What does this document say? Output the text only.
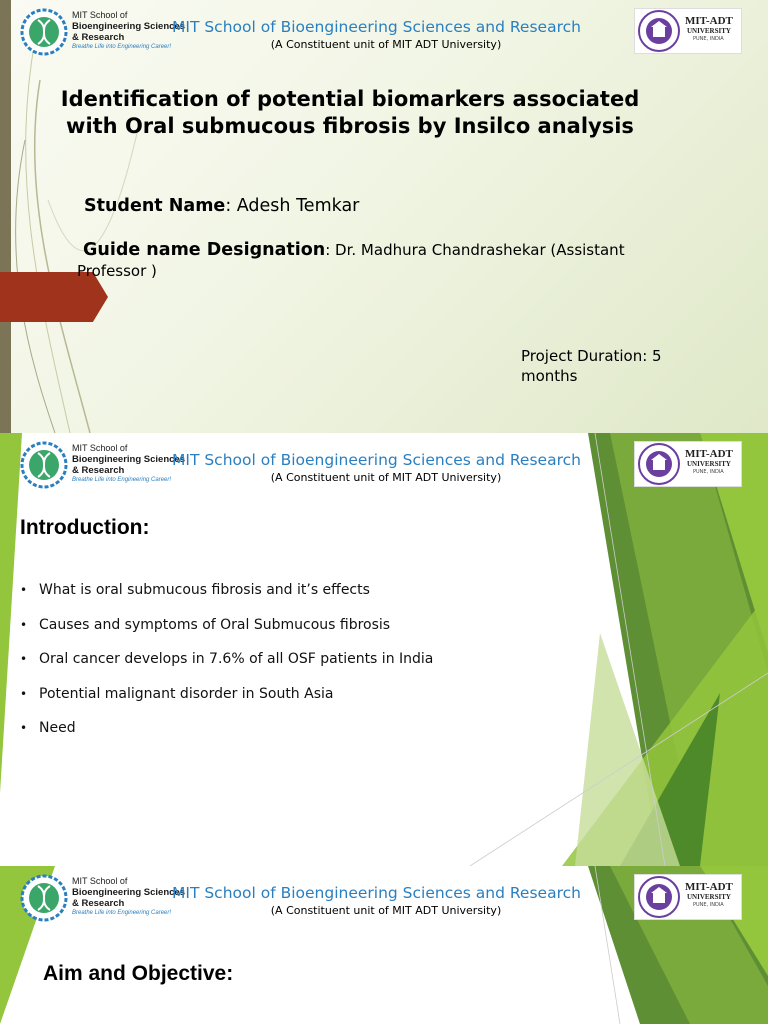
MIT School of
Bioengineering Sciences
& Research
Breathe Life into Engineering Career!
MIT School of Bioengineering Sciences and Research
(A Constituent unit of MIT ADT University)
MIT-ADT
UNIVERSITY
PUNE, INDIA
Identification of potential biomarkers associated with Oral submucous fibrosis by Insilco analysis
Student Name: Adesh Temkar
Guide name Designation: Dr. Madhura Chandrashekar (Assistant Professor )
Project Duration: 5 months
MIT School of
Bioengineering Sciences
& Research
Breathe Life into Engineering Career!
MIT School of Bioengineering Sciences and Research
(A Constituent unit of MIT ADT University)
MIT-ADT
UNIVERSITY
PUNE, INDIA
Introduction:
• What is oral submucous fibrosis and it’s effects
• Causes and symptoms of Oral Submucous fibrosis
• Oral cancer develops in 7.6% of all OSF patients in India
• Potential malignant disorder in South Asia
• Need
MIT School of
Bioengineering Sciences
& Research
Breathe Life into Engineering Career!
MIT School of Bioengineering Sciences and Research
(A Constituent unit of MIT ADT University)
MIT-ADT
UNIVERSITY
PUNE, INDIA
Aim and Objective:
